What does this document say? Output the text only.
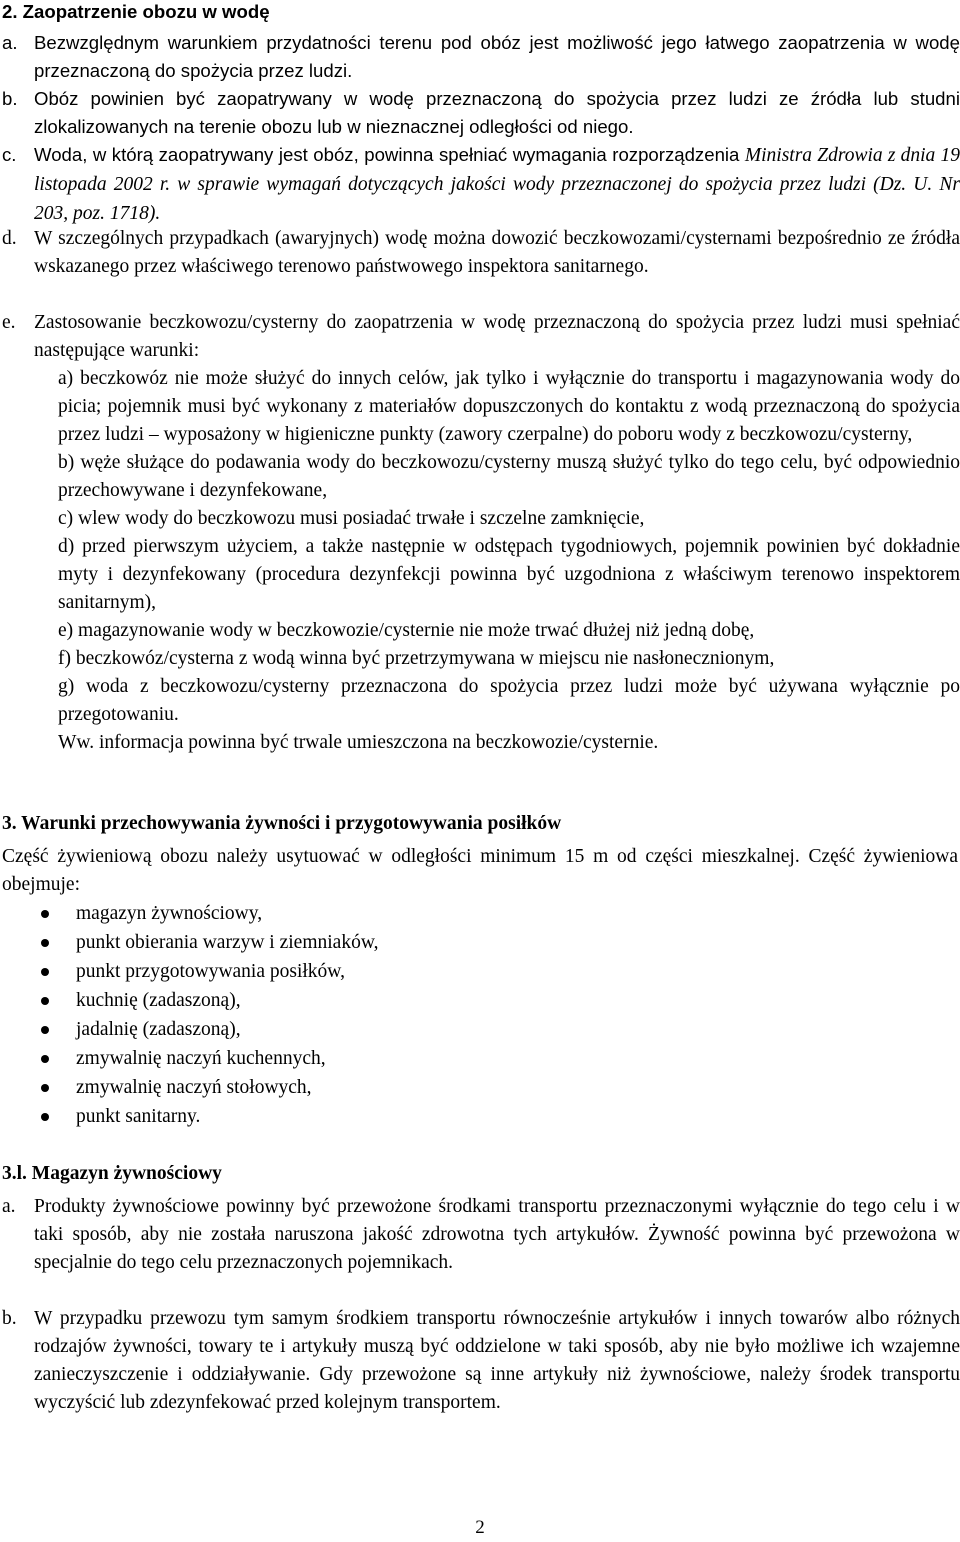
2. Zaopatrzenie obozu w wodę
a. Bezwzględnym warunkiem przydatności terenu pod obóz jest możliwość jego łatwego zaopatrzenia w wodę przeznaczoną do spożycia przez ludzi.
b. Obóz powinien być zaopatrywany w wodę przeznaczoną do spożycia przez ludzi ze źródła lub studni zlokalizowanych na terenie obozu lub w nieznacznej odległości od niego.
c. Woda, w którą zaopatrywany jest obóz, powinna spełniać wymagania rozporządzenia Ministra Zdrowia z dnia 19 listopada 2002 r. w sprawie wymagań dotyczących jakości wody przeznaczonej do spożycia przez ludzi (Dz. U. Nr 203, poz. 1718).
d. W szczególnych przypadkach (awaryjnych) wodę można dowozić beczkowozami/cysternami bezpośrednio ze źródła wskazanego przez właściwego terenowo państwowego inspektora sanitarnego.
e. Zastosowanie beczkowozu/cysterny do zaopatrzenia w wodę przeznaczoną do spożycia przez ludzi musi spełniać następujące warunki:
a) beczkowóz nie może służyć do innych celów, jak tylko i wyłącznie do transportu i magazynowania wody do picia; pojemnik musi być wykonany z materiałów dopuszczonych do kontaktu z wodą przeznaczoną do spożycia przez ludzi – wyposażony w higieniczne punkty (zawory czerpalne) do poboru wody z beczkowozu/cysterny,
b) węże służące do podawania wody do beczkowozu/cysterny muszą służyć tylko do tego celu, być odpowiednio przechowywane i dezynfekowane,
c) wlew wody do beczkowozu musi posiadać trwałe i szczelne zamknięcie,
d) przed pierwszym użyciem, a także następnie w odstępach tygodniowych, pojemnik powinien być dokładnie myty i dezynfekowany (procedura dezynfekcji powinna być uzgodniona z właściwym terenowo inspektorem sanitarnym),
e) magazynowanie wody w beczkowozie/cysternie nie może trwać dłużej niż jedną dobę,
f) beczkowóz/cysterna z wodą winna być przetrzymywana w miejscu nie nasłonecznionym,
g) woda z beczkowozu/cysterny przeznaczona do spożycia przez ludzi może być używana wyłącznie po przegotowaniu.
Ww. informacja powinna być trwale umieszczona na beczkowozie/cysternie.
3. Warunki przechowywania żywności i przygotowywania posiłków
Część żywieniową obozu należy usytuować w odległości minimum 15 m od części mieszkalnej. Część żywieniowa obejmuje:
magazyn żywnościowy,
punkt obierania warzyw i ziemniaków,
punkt przygotowywania posiłków,
kuchnię (zadaszoną),
jadalnię (zadaszoną),
zmywalnię naczyń kuchennych,
zmywalnię naczyń stołowych,
punkt sanitarny.
3.l. Magazyn żywnościowy
a. Produkty żywnościowe powinny być przewożone środkami transportu przeznaczonymi wyłącznie do tego celu i w taki sposób, aby nie została naruszona jakość zdrowotna tych artykułów. Żywność powinna być przewożona w specjalnie do tego celu przeznaczonych pojemnikach.
b. W przypadku przewozu tym samym środkiem transportu równocześnie artykułów i innych towarów albo różnych rodzajów żywności, towary te i artykuły muszą być oddzielone w taki sposób, aby nie było możliwe ich wzajemne zanieczyszczenie i oddziaływanie. Gdy przewożone są inne artykuły niż żywnościowe, należy środek transportu wyczyścić lub zdezynfekować przed kolejnym transportem.
2
